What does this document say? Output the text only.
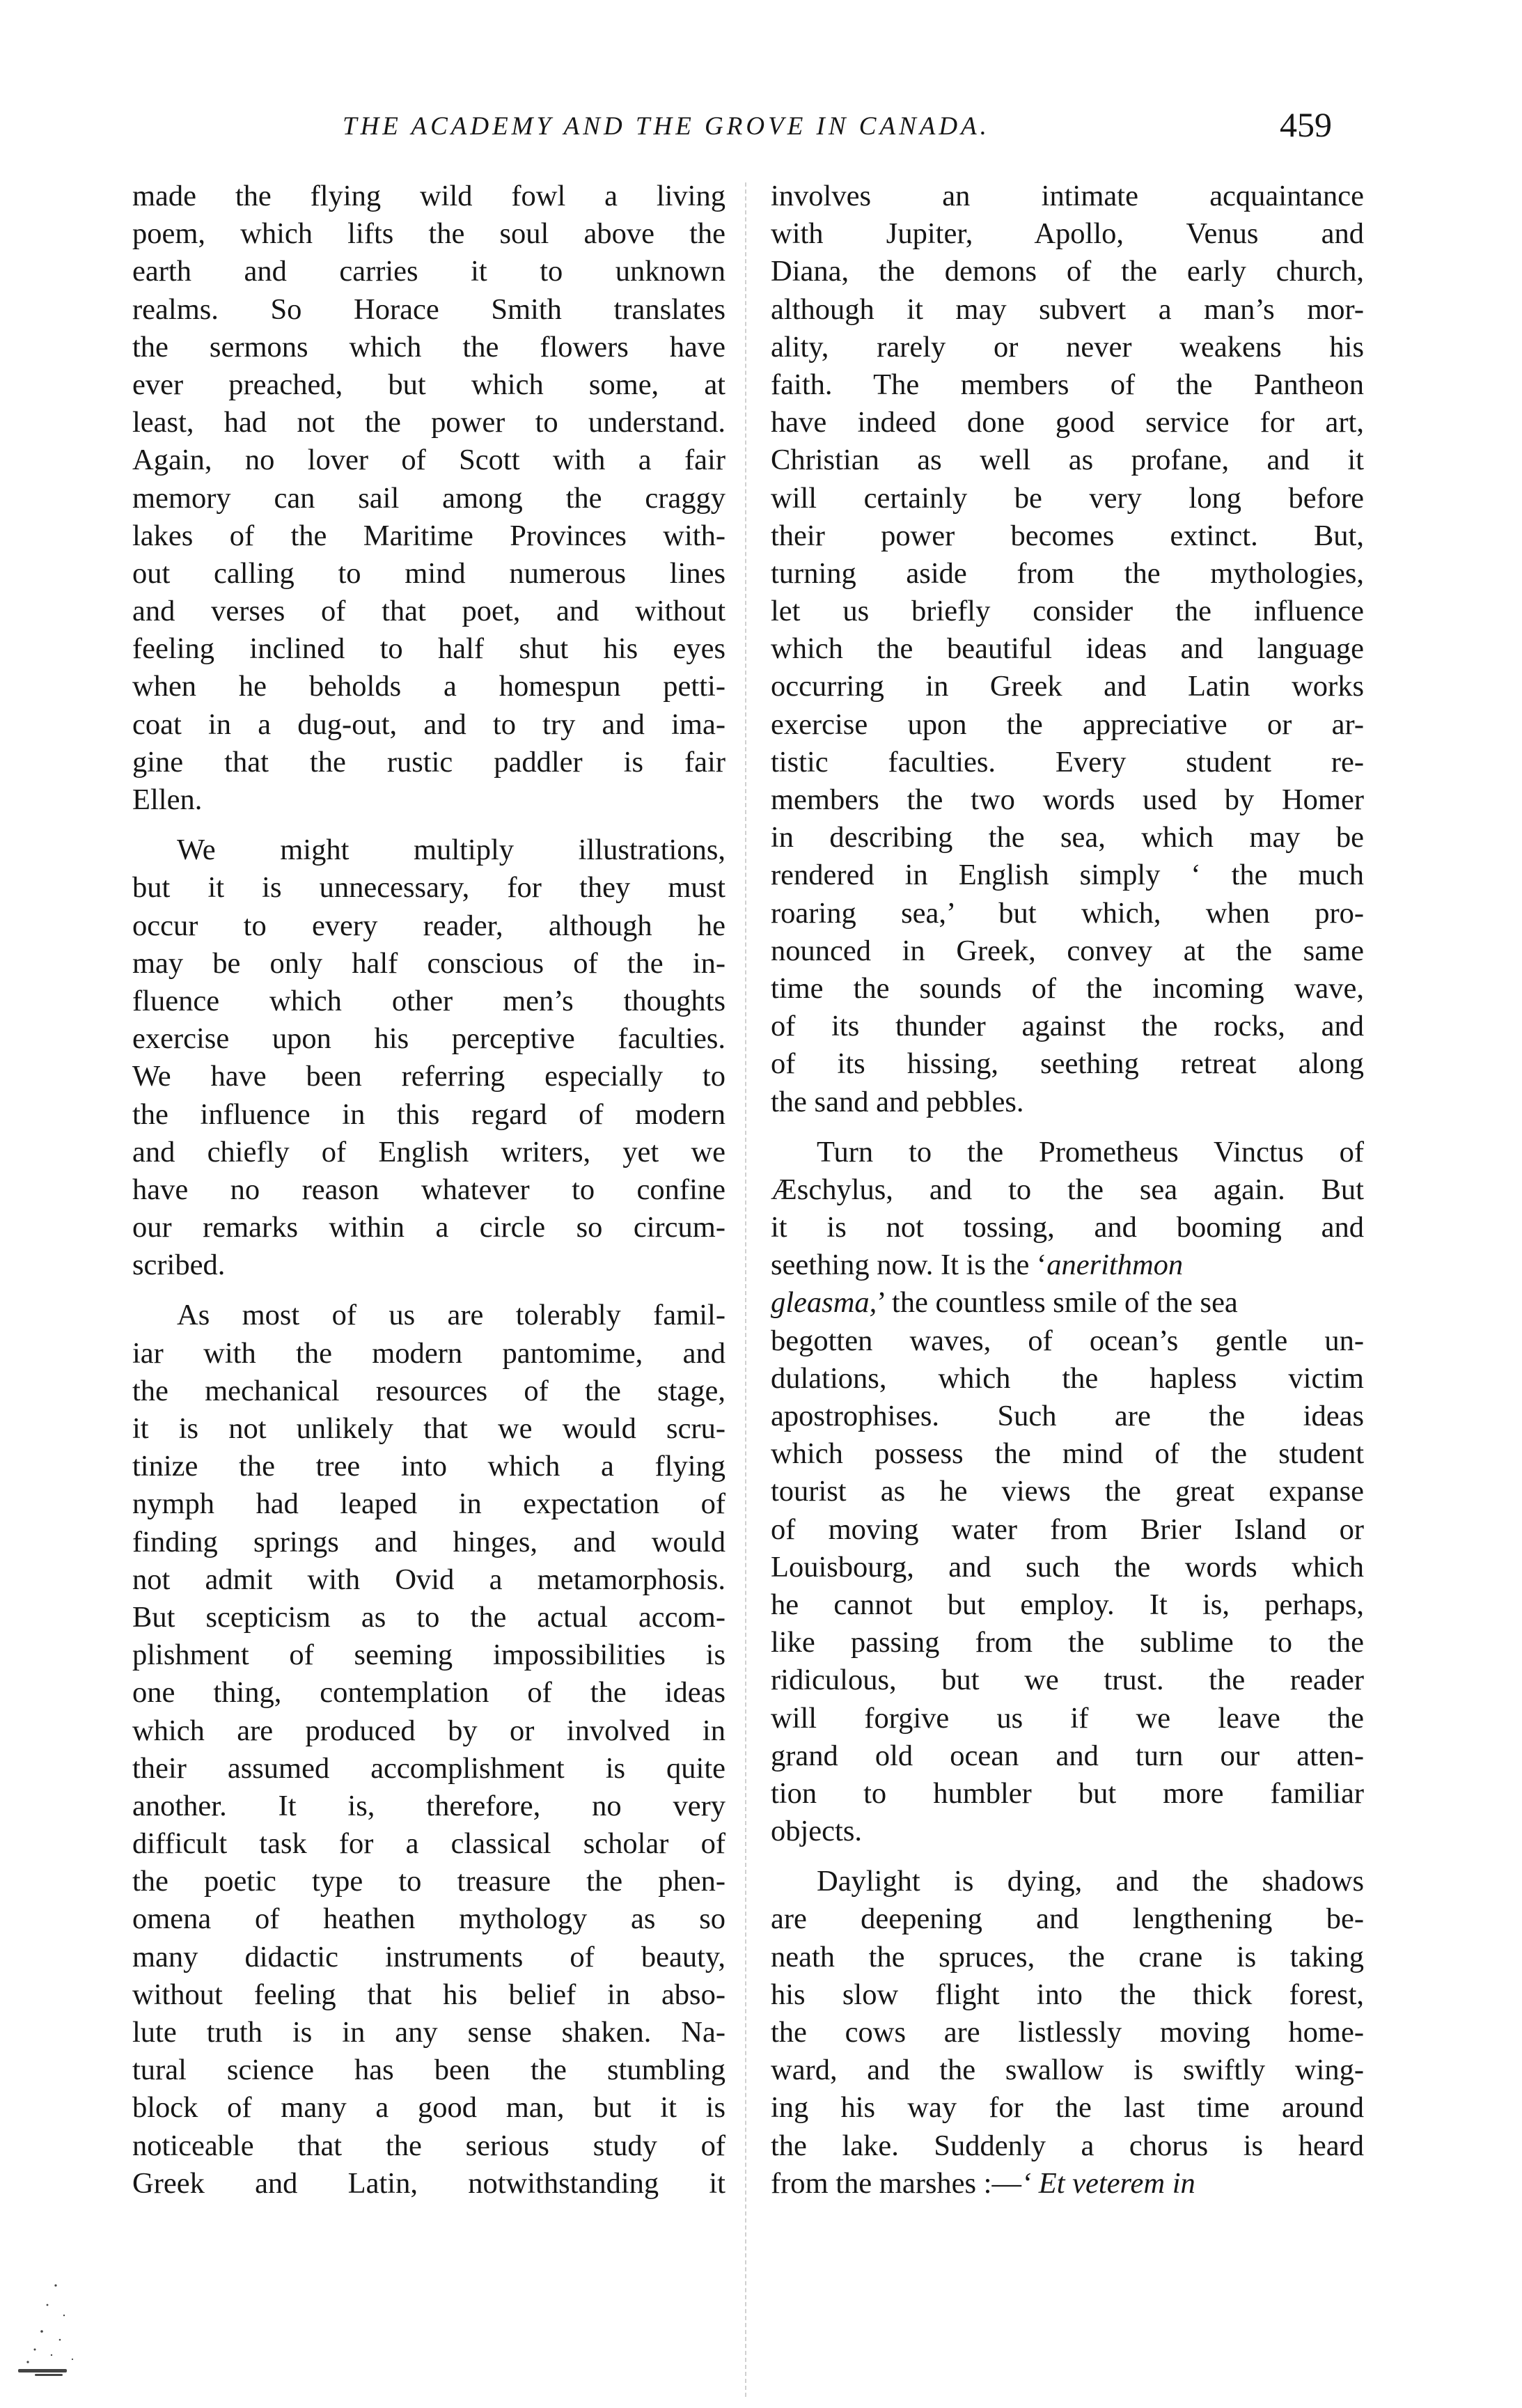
THE ACADEMY AND THE GROVE IN CANADA.	459
made the flying wild fowl a living
poem, which lifts the soul above the
earth and carries it to unknown
realms. So Horace Smith translates
the sermons which the flowers have
ever preached, but which some, at
least, had not the power to understand.
Again, no lover of Scott with a fair
memory can sail among the craggy
lakes of the Maritime Provinces with-
out calling to mind numerous lines
and verses of that poet, and without
feeling inclined to half shut his eyes
when he beholds a homespun petti-
coat in a dug-out, and to try and ima-
gine that the rustic paddler is fair
Ellen.
We might multiply illustrations,
but it is unnecessary, for they must
occur to every reader, although he
may be only half conscious of the in-
fluence which other men’s thoughts
exercise upon his perceptive faculties.
We have been referring especially to
the influence in this regard of modern
and chiefly of English writers, yet we
have no reason whatever to confine
our remarks within a circle so circum-
scribed.
As most of us are tolerably famil-
iar with the modern pantomime, and
the mechanical resources of the stage,
it is not unlikely that we would scru-
tinize the tree into which a flying
nymph had leaped in expectation of
finding springs and hinges, and would
not admit with Ovid a metamorphosis.
But scepticism as to the actual accom-
plishment of seeming impossibilities is
one thing, contemplation of the ideas
which are produced by or involved in
their assumed accomplishment is quite
another. It is, therefore, no very
difficult task for a classical scholar of
the poetic type to treasure the phen-
omena of heathen mythology as so
many didactic instruments of beauty,
without feeling that his belief in abso-
lute truth is in any sense shaken. Na-
tural science has been the stumbling
block of many a good man, but it is
noticeable that the serious study of
Greek and Latin, notwithstanding it
involves an intimate acquaintance
with Jupiter, Apollo, Venus and
Diana, the demons of the early church,
although it may subvert a man’s mor-
ality, rarely or never weakens his
faith. The members of the Pantheon
have indeed done good service for art,
Christian as well as profane, and it
will certainly be very long before
their power becomes extinct. But,
turning aside from the mythologies,
let us briefly consider the influence
which the beautiful ideas and language
occurring in Greek and Latin works
exercise upon the appreciative or ar-
tistic faculties. Every student re-
members the two words used by Homer
in describing the sea, which may be
rendered in English simply ‘ the much
roaring sea,’ but which, when pro-
nounced in Greek, convey at the same
time the sounds of the incoming wave,
of its thunder against the rocks, and
of its hissing, seething retreat along
the sand and pebbles.
Turn to the Prometheus Vinctus of
Æschylus, and to the sea again. But
it is not tossing, and booming and
seething now. It is the ‘anerithmon
gleasma,’ the countless smile of the sea
begotten waves, of ocean’s gentle un-
dulations, which the hapless victim
apostrophises. Such are the ideas
which possess the mind of the student
tourist as he views the great expanse
of moving water from Brier Island or
Louisbourg, and such the words which
he cannot but employ. It is, perhaps,
like passing from the sublime to the
ridiculous, but we trust. the reader
will forgive us if we leave the
grand old ocean and turn our atten-
tion to humbler but more familiar
objects.
Daylight is dying, and the shadows
are deepening and lengthening be-
neath the spruces, the crane is taking
his slow flight into the thick forest,
the cows are listlessly moving home-
ward, and the swallow is swiftly wing-
ing his way for the last time around
the lake. Suddenly a chorus is heard
from the marshes :—‘ Et veterem in
